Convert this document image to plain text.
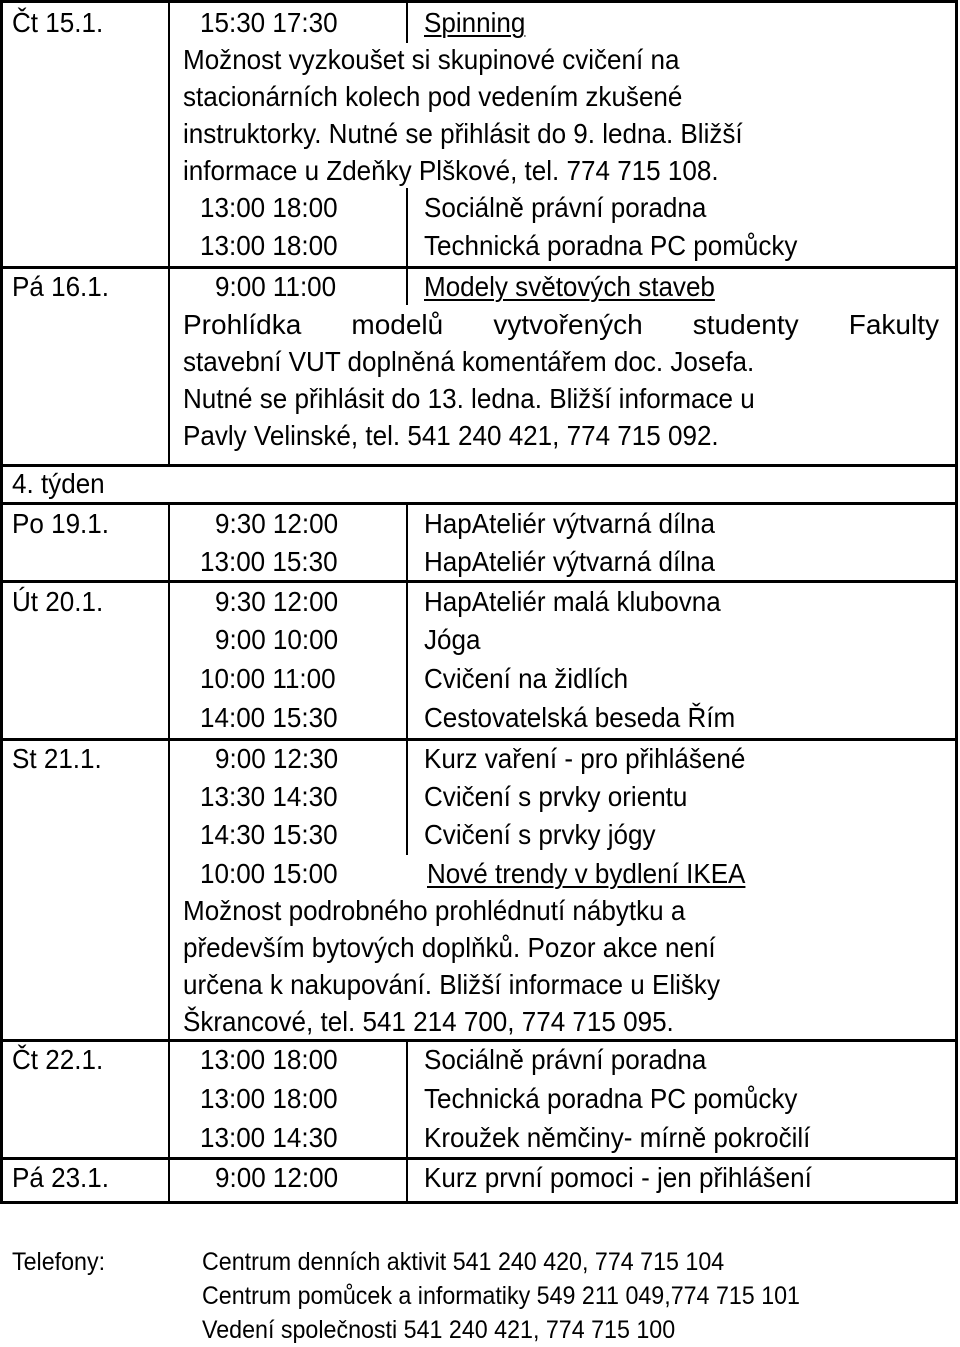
Čt 15.1.	15:30 17:30	Spinning
Možnost vyzkoušet si skupinové cvičení na
stacionárních kolech pod vedením zkušené
instruktorky. Nutné se přihlásit do 9. ledna. Bližší
informace u Zdeňky Plškové, tel. 774 715 108.
13:00 18:00	Sociálně právní poradna
13:00 18:00	Technická poradna PC pomůcky
Pá 16.1.	9:00 11:00	Modely světových staveb
Prohlídka modelů vytvořených studenty Fakulty
stavební VUT doplněná komentářem doc. Josefa.
Nutné se přihlásit do 13. ledna. Bližší informace u
Pavly Velinské, tel. 541 240 421, 774 715 092.
4. týden
Po 19.1.	9:30 12:00	HapAteliér výtvarná dílna
13:00 15:30	HapAteliér výtvarná dílna
Út 20.1.	9:30 12:00	HapAteliér malá klubovna
9:00 10:00	Jóga
10:00 11:00	Cvičení na židlích
14:00 15:30	Cestovatelská beseda Řím
St 21.1.	9:00 12:30	Kurz vaření - pro přihlášené
13:30 14:30	Cvičení s prvky orientu
14:30 15:30	Cvičení s prvky jógy
10:00 15:00	Nové trendy v bydlení IKEA
Možnost podrobného prohlédnutí nábytku a
především bytových doplňků. Pozor akce není
určena k nakupování. Bližší informace u Elišky
Škrancové, tel. 541 214 700, 774 715 095.
Čt 22.1.	13:00 18:00	Sociálně právní poradna
13:00 18:00	Technická poradna PC pomůcky
13:00 14:30	Kroužek němčiny- mírně pokročilí
Pá 23.1.	9:00 12:00	Kurz první pomoci - jen přihlášení
Telefony:	Centrum denních aktivit 541 240 420, 774 715 104
Centrum pomůcek a informatiky 549 211 049,774 715 101
Vedení společnosti 541 240 421, 774 715 100
